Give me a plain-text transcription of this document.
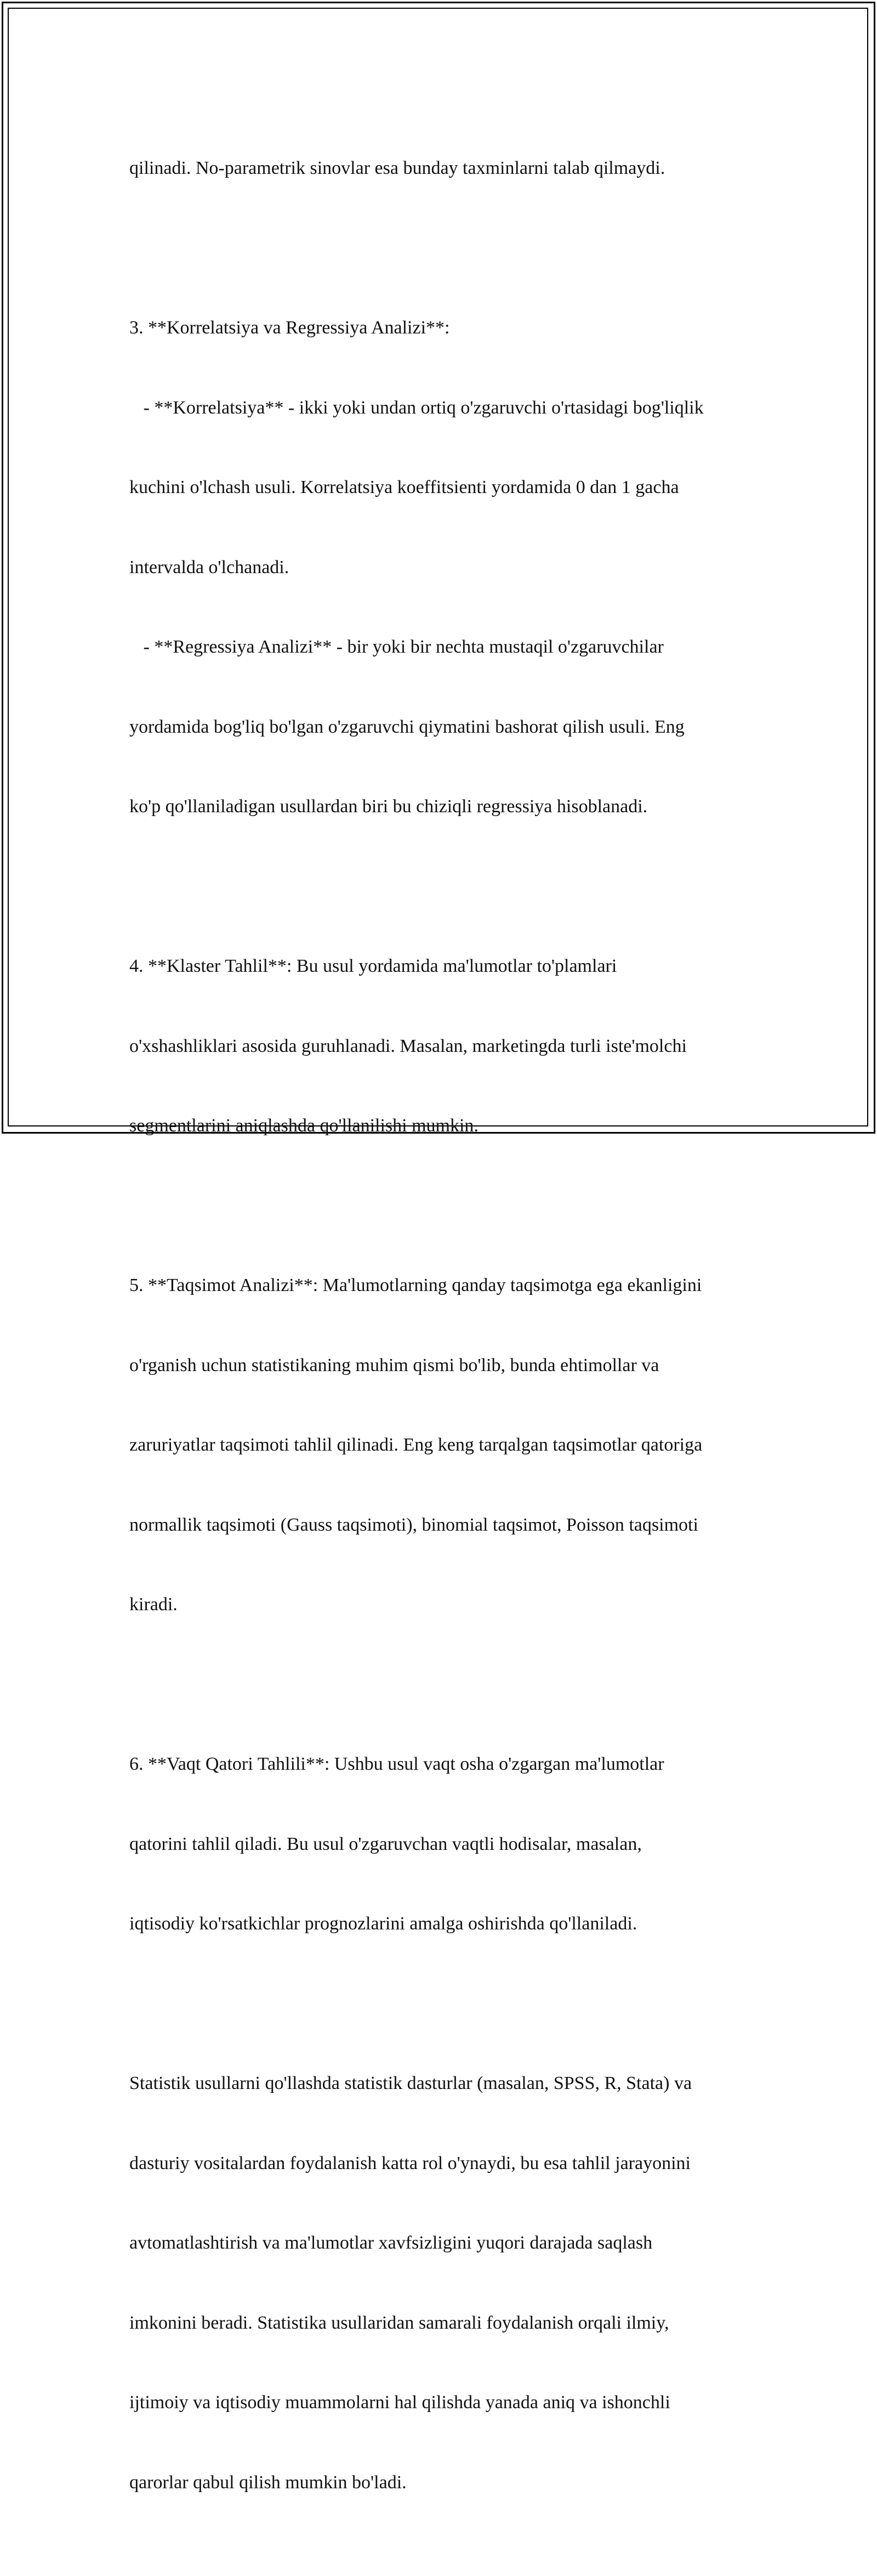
qilinadi. No-parametrik sinovlar esa bunday taxminlarni talab qilmaydi.

3. **Korrelatsiya va Regressiya Analizi**:

- **Korrelatsiya** - ikki yoki undan ortiq o'zgaruvchi o'rtasidagi bog'liqlik

kuchini o'lchash usuli. Korrelatsiya koeffitsienti yordamida 0 dan 1 gacha

intervalda o'lchanadi.

- **Regressiya Analizi** - bir yoki bir nechta mustaqil o'zgaruvchilar

yordamida bog'liq bo'lgan o'zgaruvchi qiymatini bashorat qilish usuli. Eng

ko'p qo'llaniladigan usullardan biri bu chiziqli regressiya hisoblanadi.

4. **Klaster Tahlil**: Bu usul yordamida ma'lumotlar to'plamlari

o'xshashliklari asosida guruhlanadi. Masalan, marketingda turli iste'molchi

segmentlarini aniqlashda qo'llanilishi mumkin.

5. **Taqsimot Analizi**: Ma'lumotlarning qanday taqsimotga ega ekanligini

o'rganish uchun statistikaning muhim qismi bo'lib, bunda ehtimollar va

zaruriyatlar taqsimoti tahlil qilinadi. Eng keng tarqalgan taqsimotlar qatoriga

normallik taqsimoti (Gauss taqsimoti), binomial taqsimot, Poisson taqsimoti

kiradi.

6. **Vaqt Qatori Tahlili**: Ushbu usul vaqt osha o'zgargan ma'lumotlar

qatorini tahlil qiladi. Bu usul o'zgaruvchan vaqtli hodisalar, masalan,

iqtisodiy ko'rsatkichlar prognozlarini amalga oshirishda qo'llaniladi.

Statistik usullarni qo'llashda statistik dasturlar (masalan, SPSS, R, Stata) va

dasturiy vositalardan foydalanish katta rol o'ynaydi, bu esa tahlil jarayonini

avtomatlashtirish va ma'lumotlar xavfsizligini yuqori darajada saqlash

imkonini beradi. Statistika usullaridan samarali foydalanish orqali ilmiy,

ijtimoiy va iqtisodiy muammolarni hal qilishda yanada aniq va ishonchli

qarorlar qabul qilish mumkin bo'ladi.
